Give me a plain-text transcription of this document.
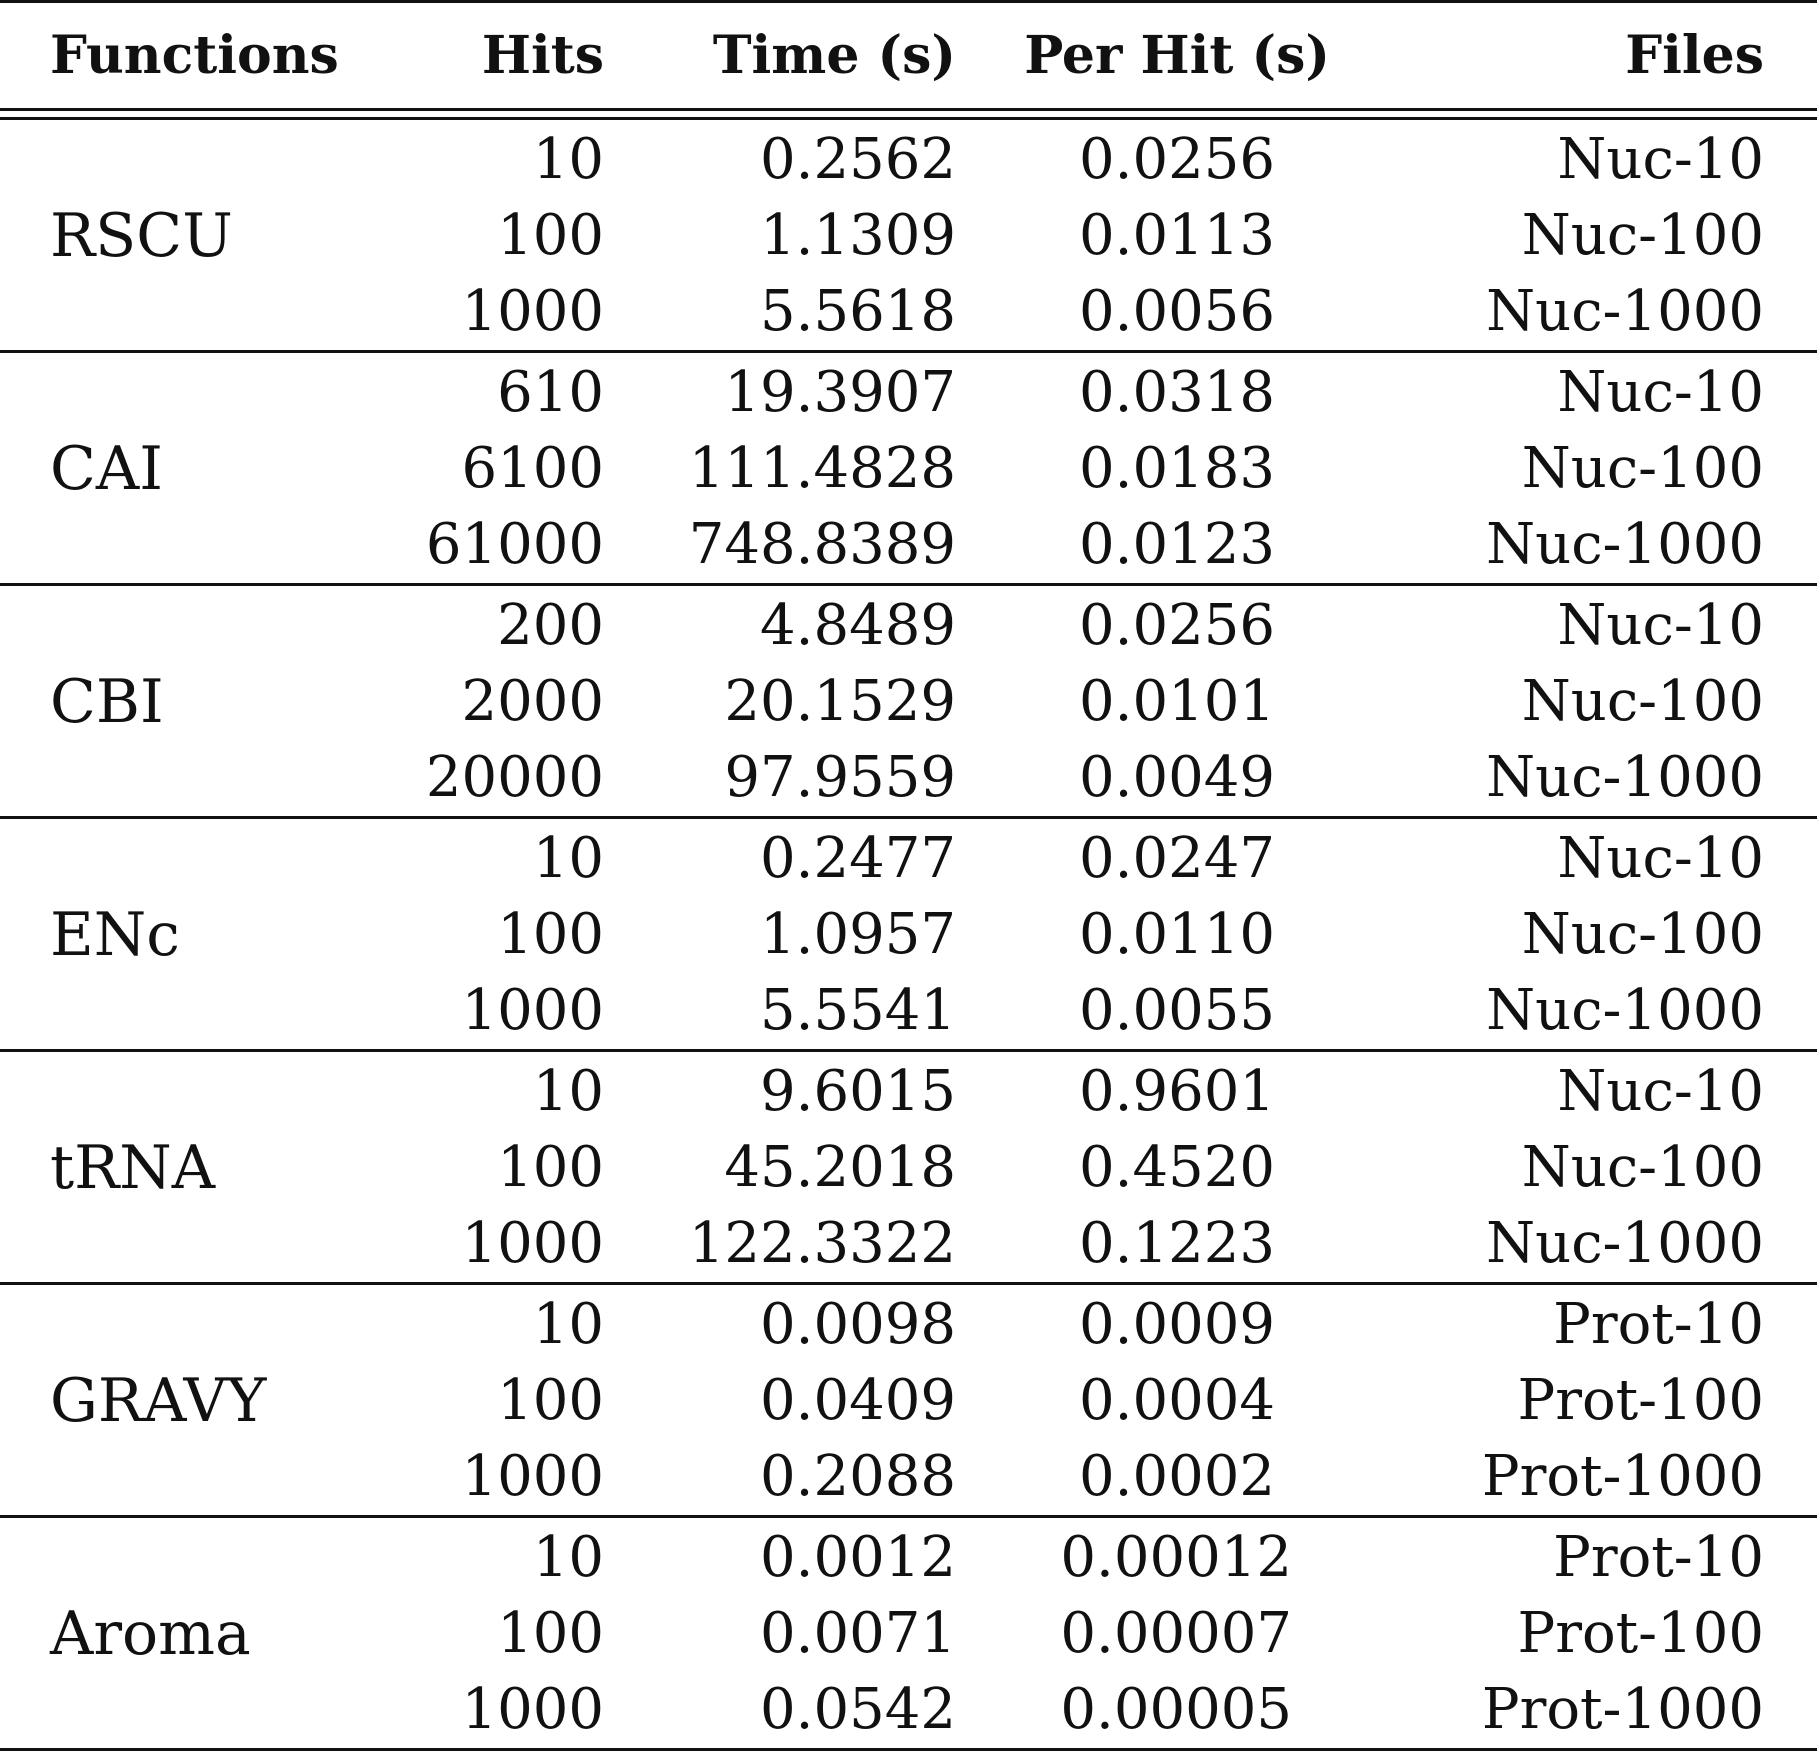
Functions	Hits	Time (s)	Per Hit (s)	Files

RSCU	10	0.2562	0.0256	Nuc-10
	100	1.1309	0.0113	Nuc-100
	1000	5.5618	0.0056	Nuc-1000
CAI	610	19.3907	0.0318	Nuc-10
	6100	111.4828	0.0183	Nuc-100
	61000	748.8389	0.0123	Nuc-1000
CBI	200	4.8489	0.0256	Nuc-10
	2000	20.1529	0.0101	Nuc-100
	20000	97.9559	0.0049	Nuc-1000
ENc	10	0.2477	0.0247	Nuc-10
	100	1.0957	0.0110	Nuc-100
	1000	5.5541	0.0055	Nuc-1000
tRNA	10	9.6015	0.9601	Nuc-10
	100	45.2018	0.4520	Nuc-100
	1000	122.3322	0.1223	Nuc-1000
GRAVY	10	0.0098	0.0009	Prot-10
	100	0.0409	0.0004	Prot-100
	1000	0.2088	0.0002	Prot-1000
Aroma	10	0.0012	0.00012	Prot-10
	100	0.0071	0.00007	Prot-100
	1000	0.0542	0.00005	Prot-1000
